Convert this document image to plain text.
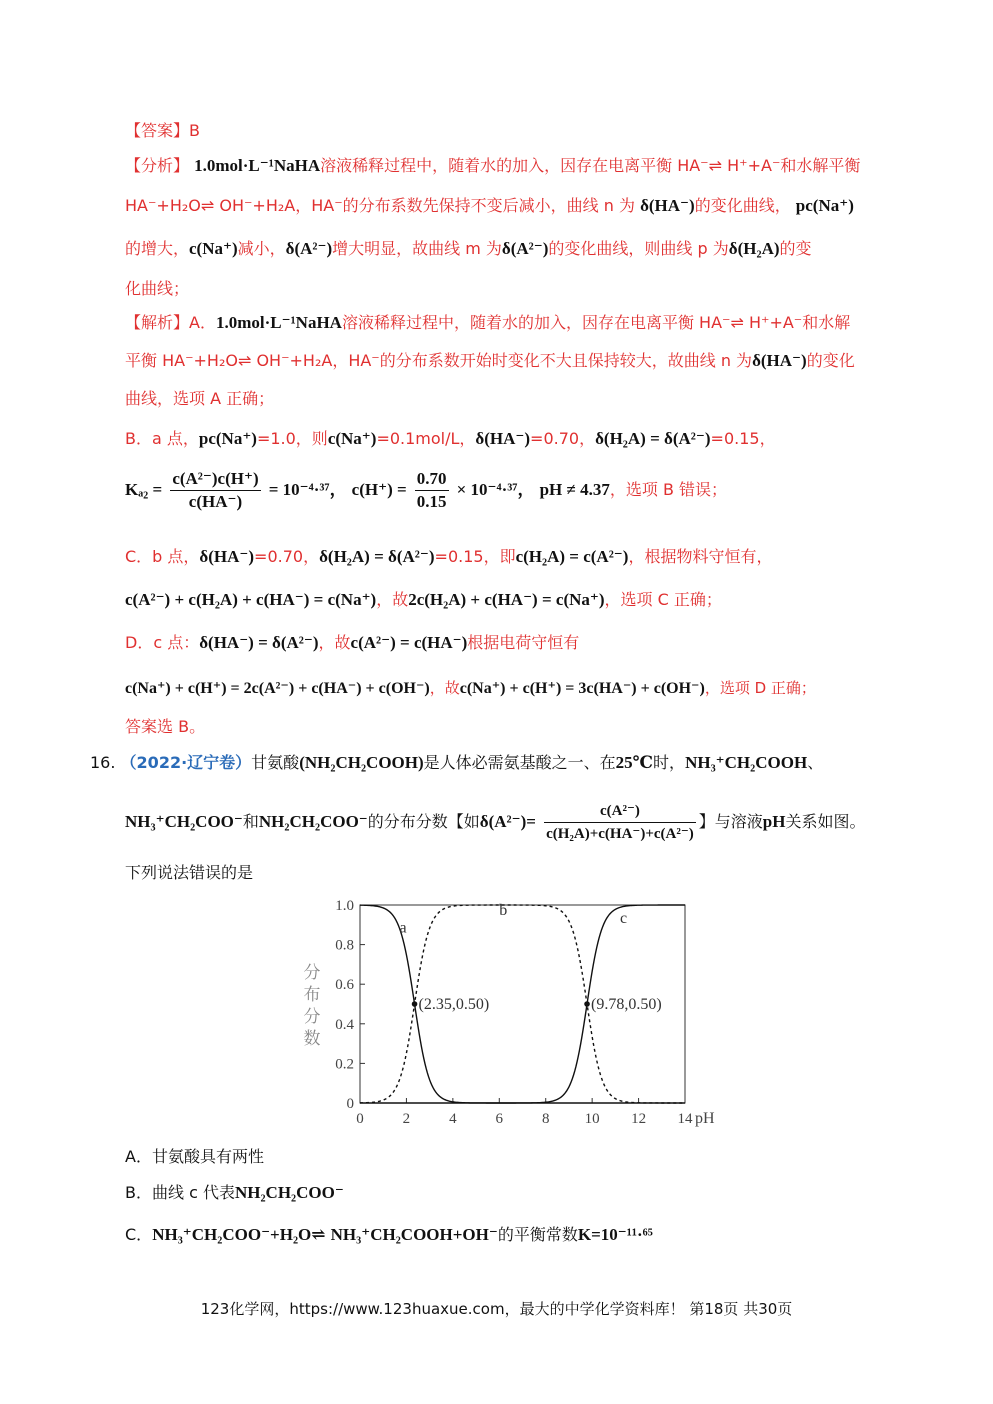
【答案】B
【分析】 1.0mol·L⁻¹NaHA溶液稀释过程中，随着水的加入，因存在电离平衡 HA⁻⇌ H⁺+A⁻和水解平衡
HA⁻+H₂O⇌ OH⁻+H₂A，HA⁻的分布系数先保持不变后减小，曲线 n 为 δ(HA⁻)的变化曲线， pc(Na⁺)
的增大，c(Na⁺)减小，δ(A²⁻)增大明显，故曲线 m 为δ(A²⁻)的变化曲线，则曲线 p 为δ(H₂A)的变
化曲线；
【解析】A．1.0mol·L⁻¹NaHA溶液稀释过程中，随着水的加入，因存在电离平衡 HA⁻⇌ H⁺+A⁻和水解
平衡 HA⁻+H₂O⇌ OH⁻+H₂A，HA⁻的分布系数开始时变化不大且保持较大，故曲线 n 为δ(HA⁻)的变化
曲线，选项 A 正确；
B．a 点，pc(Na⁺)=1.0，则c(Na⁺)=0.1mol/L，δ(HA⁻)=0.70，δ(H₂A) = δ(A²⁻)=0.15，
$K_{a2} = \frac{\text{c(A²⁻)c(H⁺)}}{c(HA^-)} = 10^{-4}\cdot^{37}$， $c(H^+) = \frac{0.70}{0.15} \times 10^{-4}\cdot^{37}$， pH ≠ 4.37，选项 B 错误；
C．b 点，δ(HA⁻)=0.70，δ(H₂A) = δ(A²⁻)=0.15，即c(H₂A) = c(A²⁻)，根据物料守恒有，
c(A²⁻) + c(H₂A) + c(HA⁻) = c(Na⁺)，故2c(H₂A) + c(HA⁻) = c(Na⁺)，选项 C 正确；
D．c 点：δ(HA⁻) = δ(A²⁻)，故c(A²⁻) = c(HA⁻)根据电荷守恒有
c(Na⁺) + c(H⁺) = 2c(A²⁻) + c(HA⁻) + c(OH⁻)，故c(Na⁺) + c(H⁺) = 3c(HA⁻) + c(OH⁻)，选项 D 正确；
答案选 B。
16. （2022·辽宁卷）甘氨酸(NH₂CH₂COOH)是人体必需氨基酸之一、在25℃时，NH₃⁺CH₂COOH、
NH₃⁺CH₂COO⁻和NH₂CH₂COO⁻的分布分数【如$\delta(A^{2-})= \frac{\text{c(A²⁻)}}{\text{c(H₂A)+c(HA⁻)+c(A²⁻)}}$ 】与溶液pH关系如图。
下列说法错误的是
0	2	4	6	8 10 12 14
0
0.2
0.4
0.6
0.8
1.0
pH
分
布
分
数
a
b	c
(2.35,0.50)	(9.78,0.50)
A．甘氨酸具有两性
B．曲线 c 代表NH₂CH₂COO⁻
C．NH₃⁺CH₂COO⁻+H₂O⇌ NH₃⁺CH₂COOH+OH⁻的平衡常数K=10⁻¹¹·⁶⁵
123化学网，https://www.123huaxue.com，最大的中学化学资料库！ 第18页 共30页
